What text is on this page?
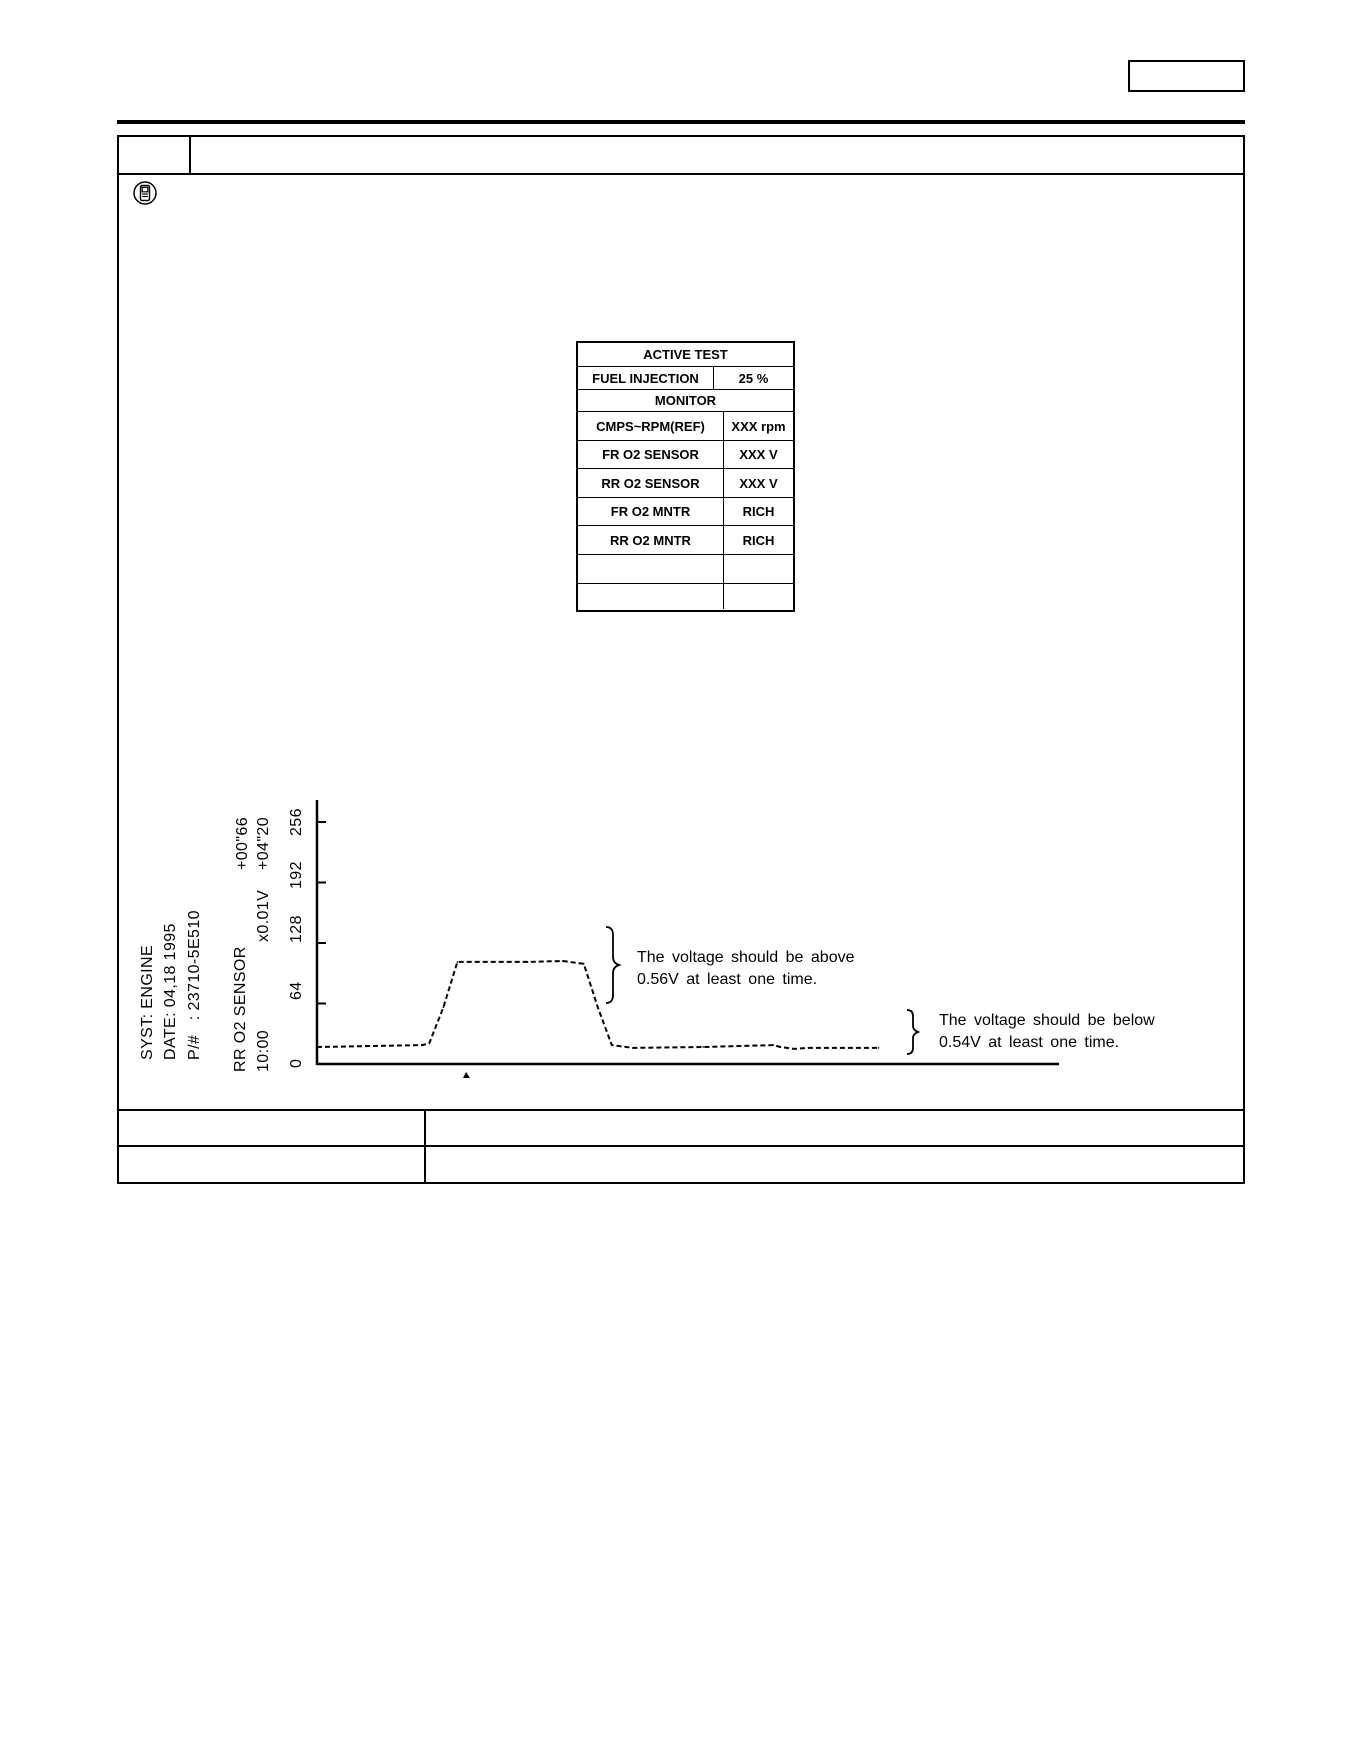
ACTIVE TEST
FUEL INJECTION	25 %
MONITOR
CMPS~RPM(REF)	XXX rpm
FR O2 SENSOR	XXX V
RR O2 SENSOR	XXX V
FR O2 MNTR	RICH
RR O2 MNTR	RICH
SYST: ENGINE DATE: 04,18 1995 P/#   : 23710-5E510 RR O2 SENSOR 10:00
x0.01V
+00"66 +04"20
0
64
128
192
256
The voltage should be above
0.56V at least one time.
The voltage should be below
0.54V at least one time.
